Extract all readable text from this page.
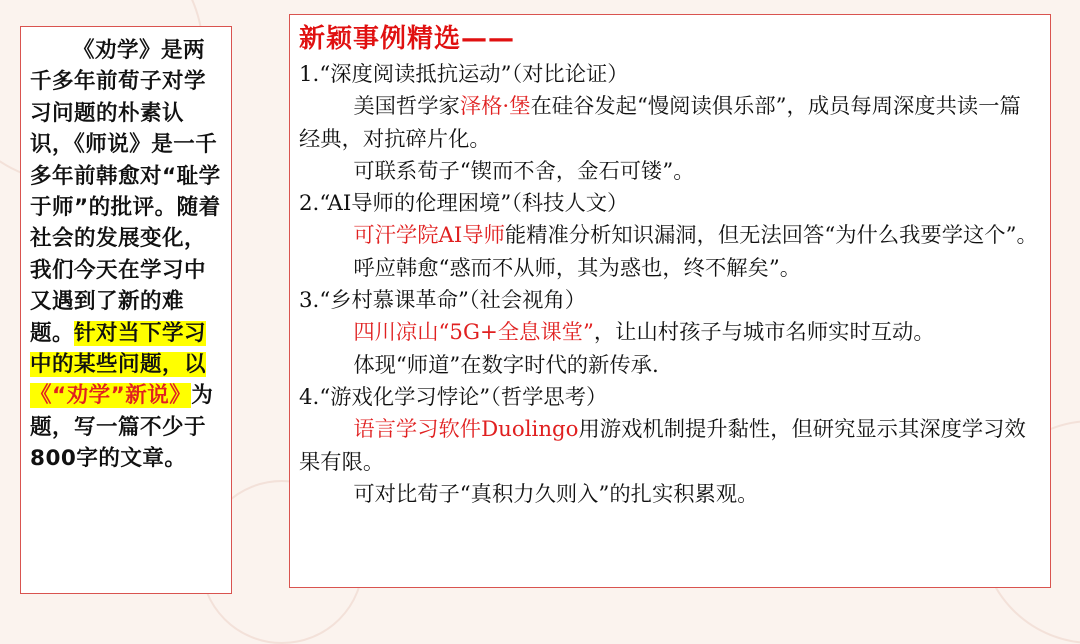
《劝学》是两千多年前荀子对学习问题的朴素认识，《师说》是一千多年前韩愈对“耻学于师”的批评。随着社会的发展变化，我们今天在学习中又遇到了新的难题。针对当下学习中的某些问题，以《“劝学”新说》为题，写一篇不少于800字的文章。

新颖事例精选——

1.“深度阅读抵抗运动”（对比论证）

美国哲学家泽格·堡在硅谷发起“慢阅读俱乐部”，成员每周深度共读一篇经典，对抗碎片化。

可联系荀子“锲而不舍，金石可镂”。

2.“AI导师的伦理困境”（科技人文）

可汗学院AI导师能精准分析知识漏洞，但无法回答“为什么我要学这个”。

呼应韩愈“惑而不从师，其为惑也，终不解矣”。

3.“乡村慕课革命”（社会视角）

四川凉山“5G+全息课堂”，让山村孩子与城市名师实时互动。

体现“师道”在数字时代的新传承.

4.“游戏化学习悖论”（哲学思考）

语言学习软件Duolingo用游戏机制提升黏性，但研究显示其深度学习效果有限。

可对比荀子“真积力久则入”的扎实积累观。
